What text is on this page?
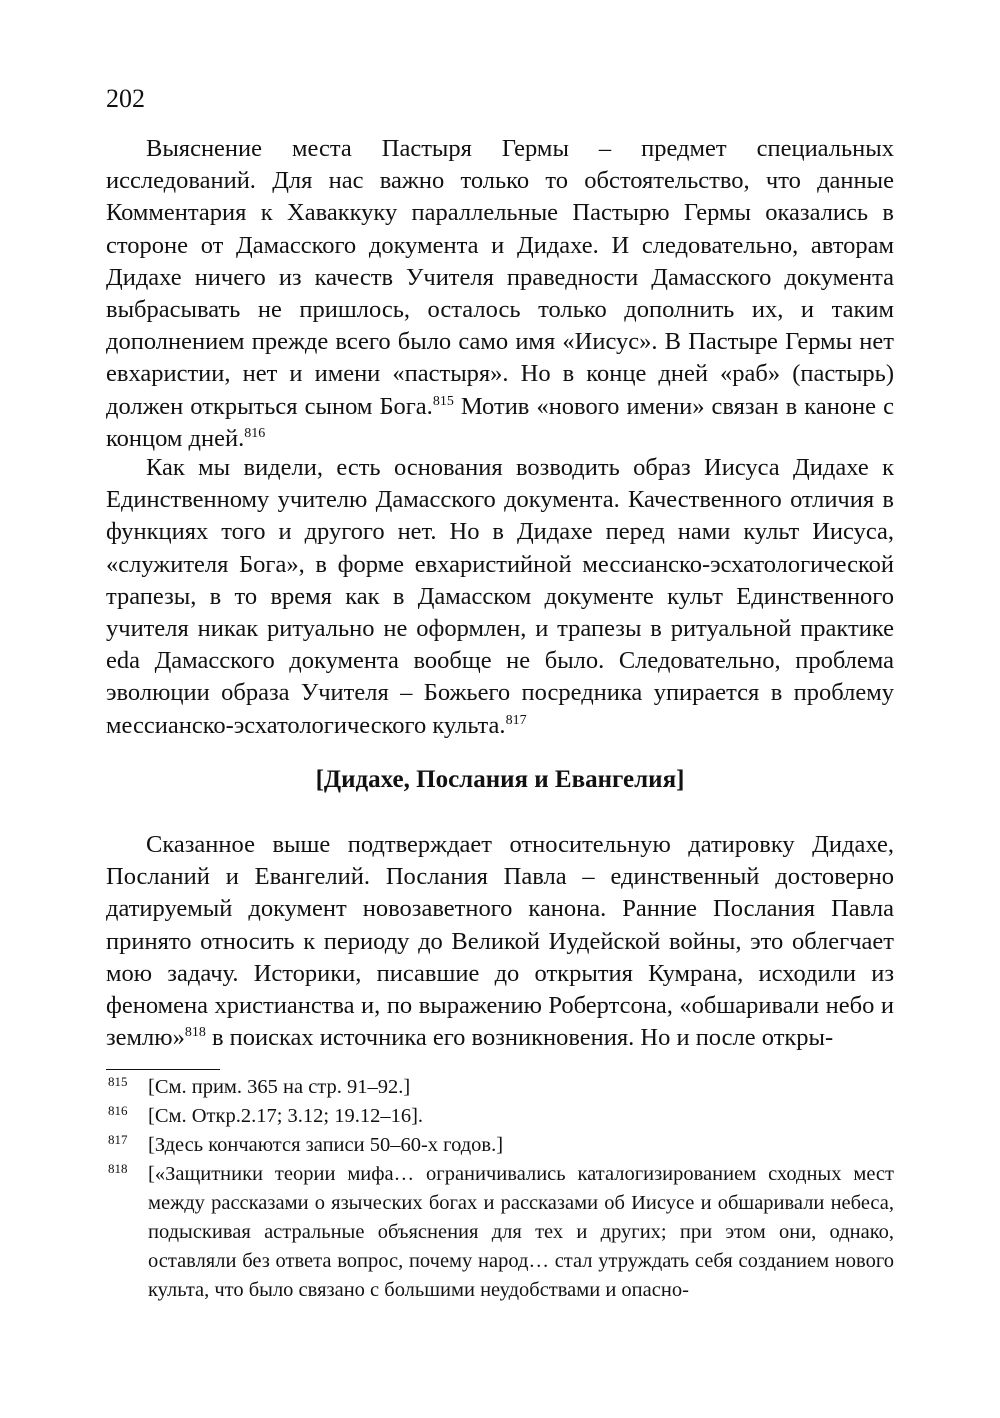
202

Выяснение места Пастыря Гермы – предмет специальных исследований. Для нас важно только то обстоятельство, что данные Комментария к Хаваккуку параллельные Пастырю Гермы оказались в стороне от Дамасского документа и Дидахе. И следовательно, авторам Дидахе ничего из качеств Учителя праведности Дамасского документа выбрасывать не пришлось, осталось только дополнить их, и таким дополнением прежде всего было само имя «Иисус». В Пастыре Гермы нет евхаристии, нет и имени «пастыря». Но в конце дней «раб» (пастырь) должен открыться сыном Бога.$^{815}$ Мотив «нового имени» связан в каноне с концом дней.$^{816}$

Как мы видели, есть основания возводить образ Иисуса Дидахе к Единственному учителю Дамасского документа. Качественного отличия в функциях того и другого нет. Но в Дидахе перед нами культ Иисуса, «служителя Бога», в форме евхаристийной мессианско-эсхатологической трапезы, в то время как в Дамасском документе культ Единственного учителя никак ритуально не оформлен, и трапезы в ритуальной практике eda Дамасского документа вообще не было. Следовательно, проблема эволюции образа Учителя – Божьего посредника упирается в проблему мессианско-эсхатологического культа.$^{817}$

[Дидахе, Послания и Евангелия]

Сказанное выше подтверждает относительную датировку Дидахе, Посланий и Евангелий. Послания Павла – единственный достоверно датируемый документ новозаветного канона. Ранние Послания Павла принято относить к периоду до Великой Иудейской войны, это облегчает мою задачу. Историки, писавшие до открытия Кумрана, исходили из феномена христианства и, по выражению Робертсона, «обшаривали небо и землю»$^{818}$ в поисках источника его возникновения. Но и после откры-

815 [См. прим. 365 на стр. 91–92.]
816 [См. Откр.2.17; 3.12; 19.12–16].
817 [Здесь кончаются записи 50–60-х годов.]
818 [«Защитники теории мифа… ограничивались каталогизированием сходных мест между рассказами о языческих богах и рассказами об Иисусе и обшаривали небеса, подыскивая астральные объяснения для тех и других; при этом они, однако, оставляли без ответа вопрос, почему народ… стал утруждать себя созданием нового культа, что было связано с большими неудобствами и опасно-
